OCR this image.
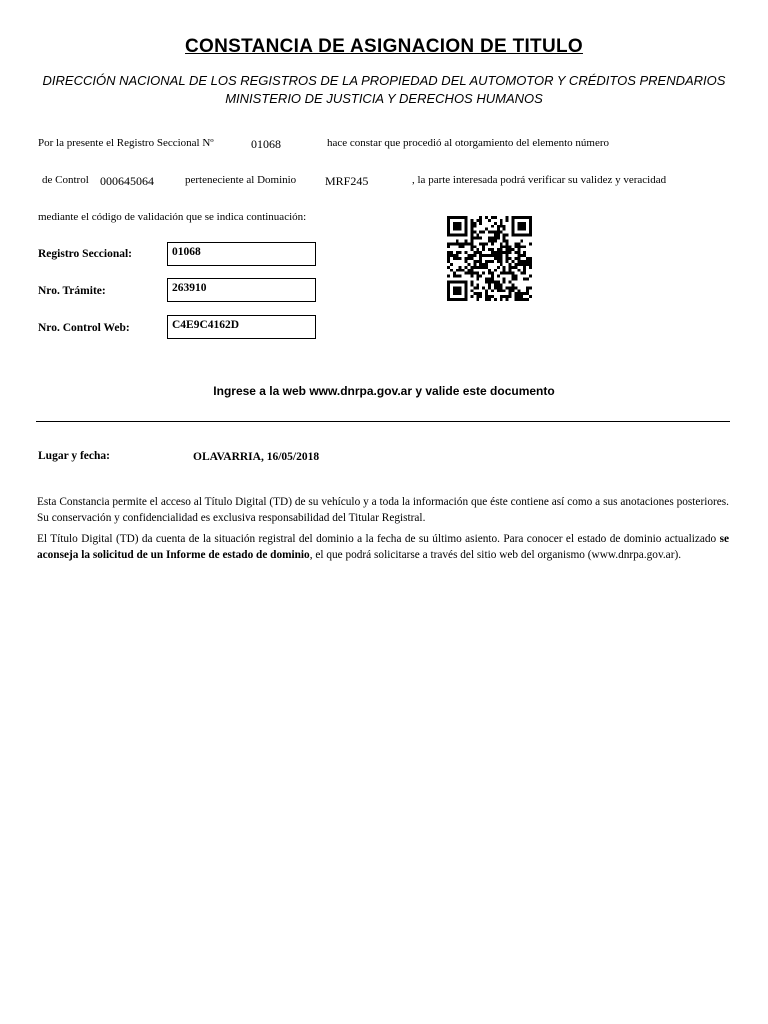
CONSTANCIA DE ASIGNACION DE TITULO
DIRECCIÓN NACIONAL DE LOS REGISTROS DE LA PROPIEDAD DEL AUTOMOTOR Y CRÉDITOS PRENDARIOS
MINISTERIO DE JUSTICIA Y DERECHOS HUMANOS
Por la presente el Registro Seccional Nº	01068	hace constar que procedió al otorgamiento del elemento número
de Control 000645064	perteneciente al Dominio MRF245	, la parte interesada podrá verificar su validez y veracidad
mediante el código de validación que se indica continuación:
Registro Seccional:	01068
Nro. Trámite:	263910
Nro. Control Web:	C4E9C4162D
Ingrese a la web www.dnrpa.gov.ar y valide este documento
Lugar y fecha:	OLAVARRIA, 16/05/2018
Esta Constancia permite el acceso al Título Digital (TD) de su vehículo y a toda la información que éste contiene así como a sus anotaciones posteriores. Su conservación y confidencialidad es exclusiva responsabilidad del Titular Registral.
El Título Digital (TD) da cuenta de la situación registral del dominio a la fecha de su último asiento. Para conocer el estado de dominio actualizado se aconseja la solicitud de un Informe de estado de dominio, el que podrá solicitarse a través del sitio web del organismo (www.dnrpa.gov.ar).
